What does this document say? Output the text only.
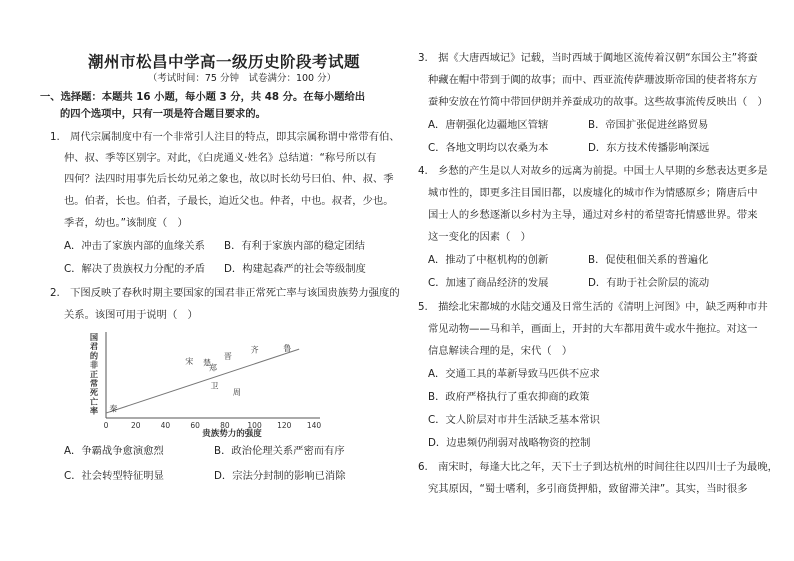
潮州市松昌中学高一级历史阶段考试题
（考试时间：75 分钟　试卷满分：100 分）
一、选择题：本题共 16 小题，每小题 3 分，共 48 分。在每小题给出
的四个选项中，只有一项是符合题目要求的。
1.　周代宗属制度中有一个非常引人注目的特点，即其宗属称谓中常带有伯、
仲、叔、季等区别字。对此，《白虎通义·姓名》总结道：“称号所以有
四何？法四时用事先后长幼兄弟之象也，故以时长幼号曰伯、仲、叔、季
也。伯者，长也。伯者，子最长，迫近父也。仲者，中也。叔者，少也。
季者，幼也。”该制度（　）
A．冲击了家族内部的血缘关系 B．有利于家族内部的稳定团结
C．解决了贵族权力分配的矛盾 D．构建起森严的社会等级制度
2.　下图反映了春秋时期主要国家的国君非正常死亡率与该国贵族势力强度的
关系。该图可用于说明（　）
A．争霸战争愈演愈烈	B．政治伦理关系严密而有序
C．社会转型特征明显	D．宗法分封制的影响已消除
国
君
的
非
正
常
死
亡
率
0	20	40	60	80 100 120 140
秦
宋 楚
郑
卫
周
晋
齐	鲁
贵族势力的强度
3.　据《大唐西域记》记载，当时西域于阗地区流传着汉朝“东国公主”将蚕
种藏在帽中带到于阗的故事；而中、西亚流传萨珊波斯帝国的使者将东方
蚕种安放在竹简中带回伊朗并养蚕成功的故事。这些故事流传反映出（　）
A．唐朝强化边疆地区管辖	B．帝国扩张促进丝路贸易
C．各地文明均以农桑为本	D．东方技术传播影响深远
4.　乡愁的产生是以人对故乡的远离为前提。中国士人早期的乡愁表达更多是
城市性的，即更多注目国旧都，以废墟化的城市作为情感原乡；隋唐后中
国士人的乡愁逐渐以乡村为主导，通过对乡村的希望寄托情感世界。带来
这一变化的因素（　）
A．推动了中枢机构的创新	B．促使租佃关系的普遍化
C．加速了商品经济的发展	D．有助于社会阶层的流动
5.　描绘北宋都城的水陆交通及日常生活的《清明上河图》中，缺乏两种市井
常见动物——马和羊，画面上，开封的大车都用黄牛或水牛拖拉。对这一
信息解读合理的是，宋代（　）
A．交通工具的革新导致马匹供不应求
B．政府严格执行了重农抑商的政策
C．文人阶层对市井生活缺乏基本常识
D．边患频仍削弱对战略物资的控制
6.　南宋时，每逢大比之年，天下士子到达杭州的时间往往以四川士子为最晚，
究其原因，“蜀士嗜利，多引商货押船，致留滞关津”。其实，当时很多
